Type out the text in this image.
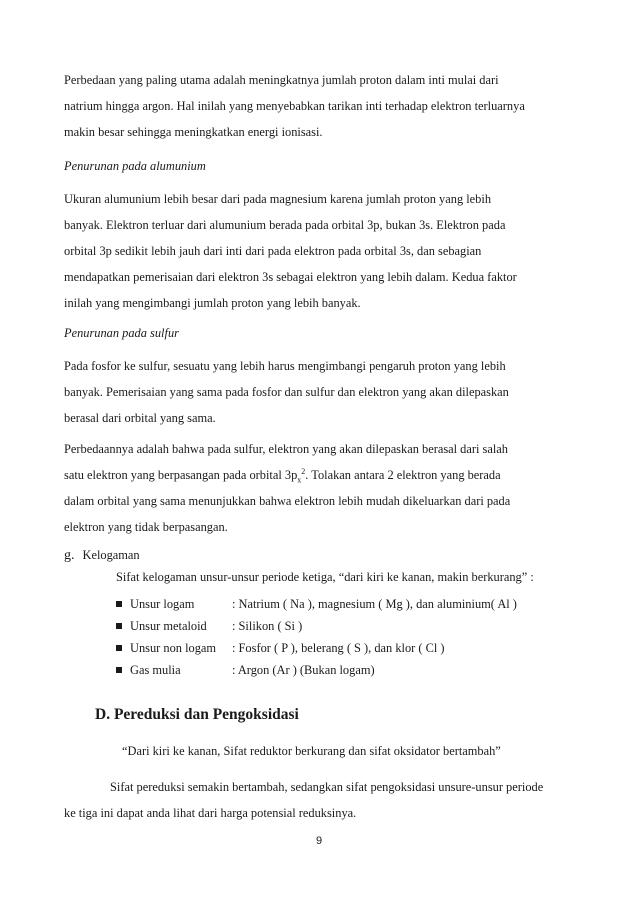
Perbedaan yang paling utama adalah meningkatnya jumlah proton dalam inti mulai dari
natrium hingga argon. Hal inilah yang menyebabkan tarikan inti terhadap elektron terluarnya
makin besar sehingga meningkatkan energi ionisasi.
Penurunan pada alumunium
Ukuran alumunium lebih besar dari pada magnesium karena jumlah proton yang lebih
banyak. Elektron terluar dari alumunium berada pada orbital 3p, bukan 3s. Elektron pada
orbital 3p sedikit lebih jauh dari inti dari pada elektron pada orbital 3s, dan sebagian
mendapatkan pemerisaian dari elektron 3s sebagai elektron yang lebih dalam. Kedua faktor
inilah yang mengimbangi jumlah proton yang lebih banyak.
Penurunan pada sulfur
Pada fosfor ke sulfur, sesuatu yang lebih harus mengimbangi pengaruh proton yang lebih
banyak. Pemerisaian yang sama pada fosfor dan sulfur dan elektron yang akan dilepaskan
berasal dari orbital yang sama.
Perbedaannya adalah bahwa pada sulfur, elektron yang akan dilepaskan berasal dari salah
satu elektron yang berpasangan pada orbital $3p_x^2$. Tolakan antara 2 elektron yang berada
dalam orbital yang sama menunjukkan bahwa elektron lebih mudah dikeluarkan dari pada
elektron yang tidak berpasangan.
g. Kelogaman
Sifat kelogaman unsur-unsur periode ketiga, “dari kiri ke kanan, makin berkurang” :
Unsur logam	: Natrium ( Na ), magnesium ( Mg ), dan aluminium( Al )
Unsur metaloid : Silikon ( Si )
Unsur non logam : Fosfor ( P ), belerang ( S ), dan klor ( Cl )
Gas mulia	: Argon (Ar ) (Bukan logam)
D. Pereduksi dan Pengoksidasi
“Dari kiri ke kanan, Sifat reduktor berkurang dan sifat oksidator bertambah”
Sifat pereduksi semakin bertambah, sedangkan sifat pengoksidasi unsure-unsur periode
ke tiga ini dapat anda lihat dari harga potensial reduksinya.
9
